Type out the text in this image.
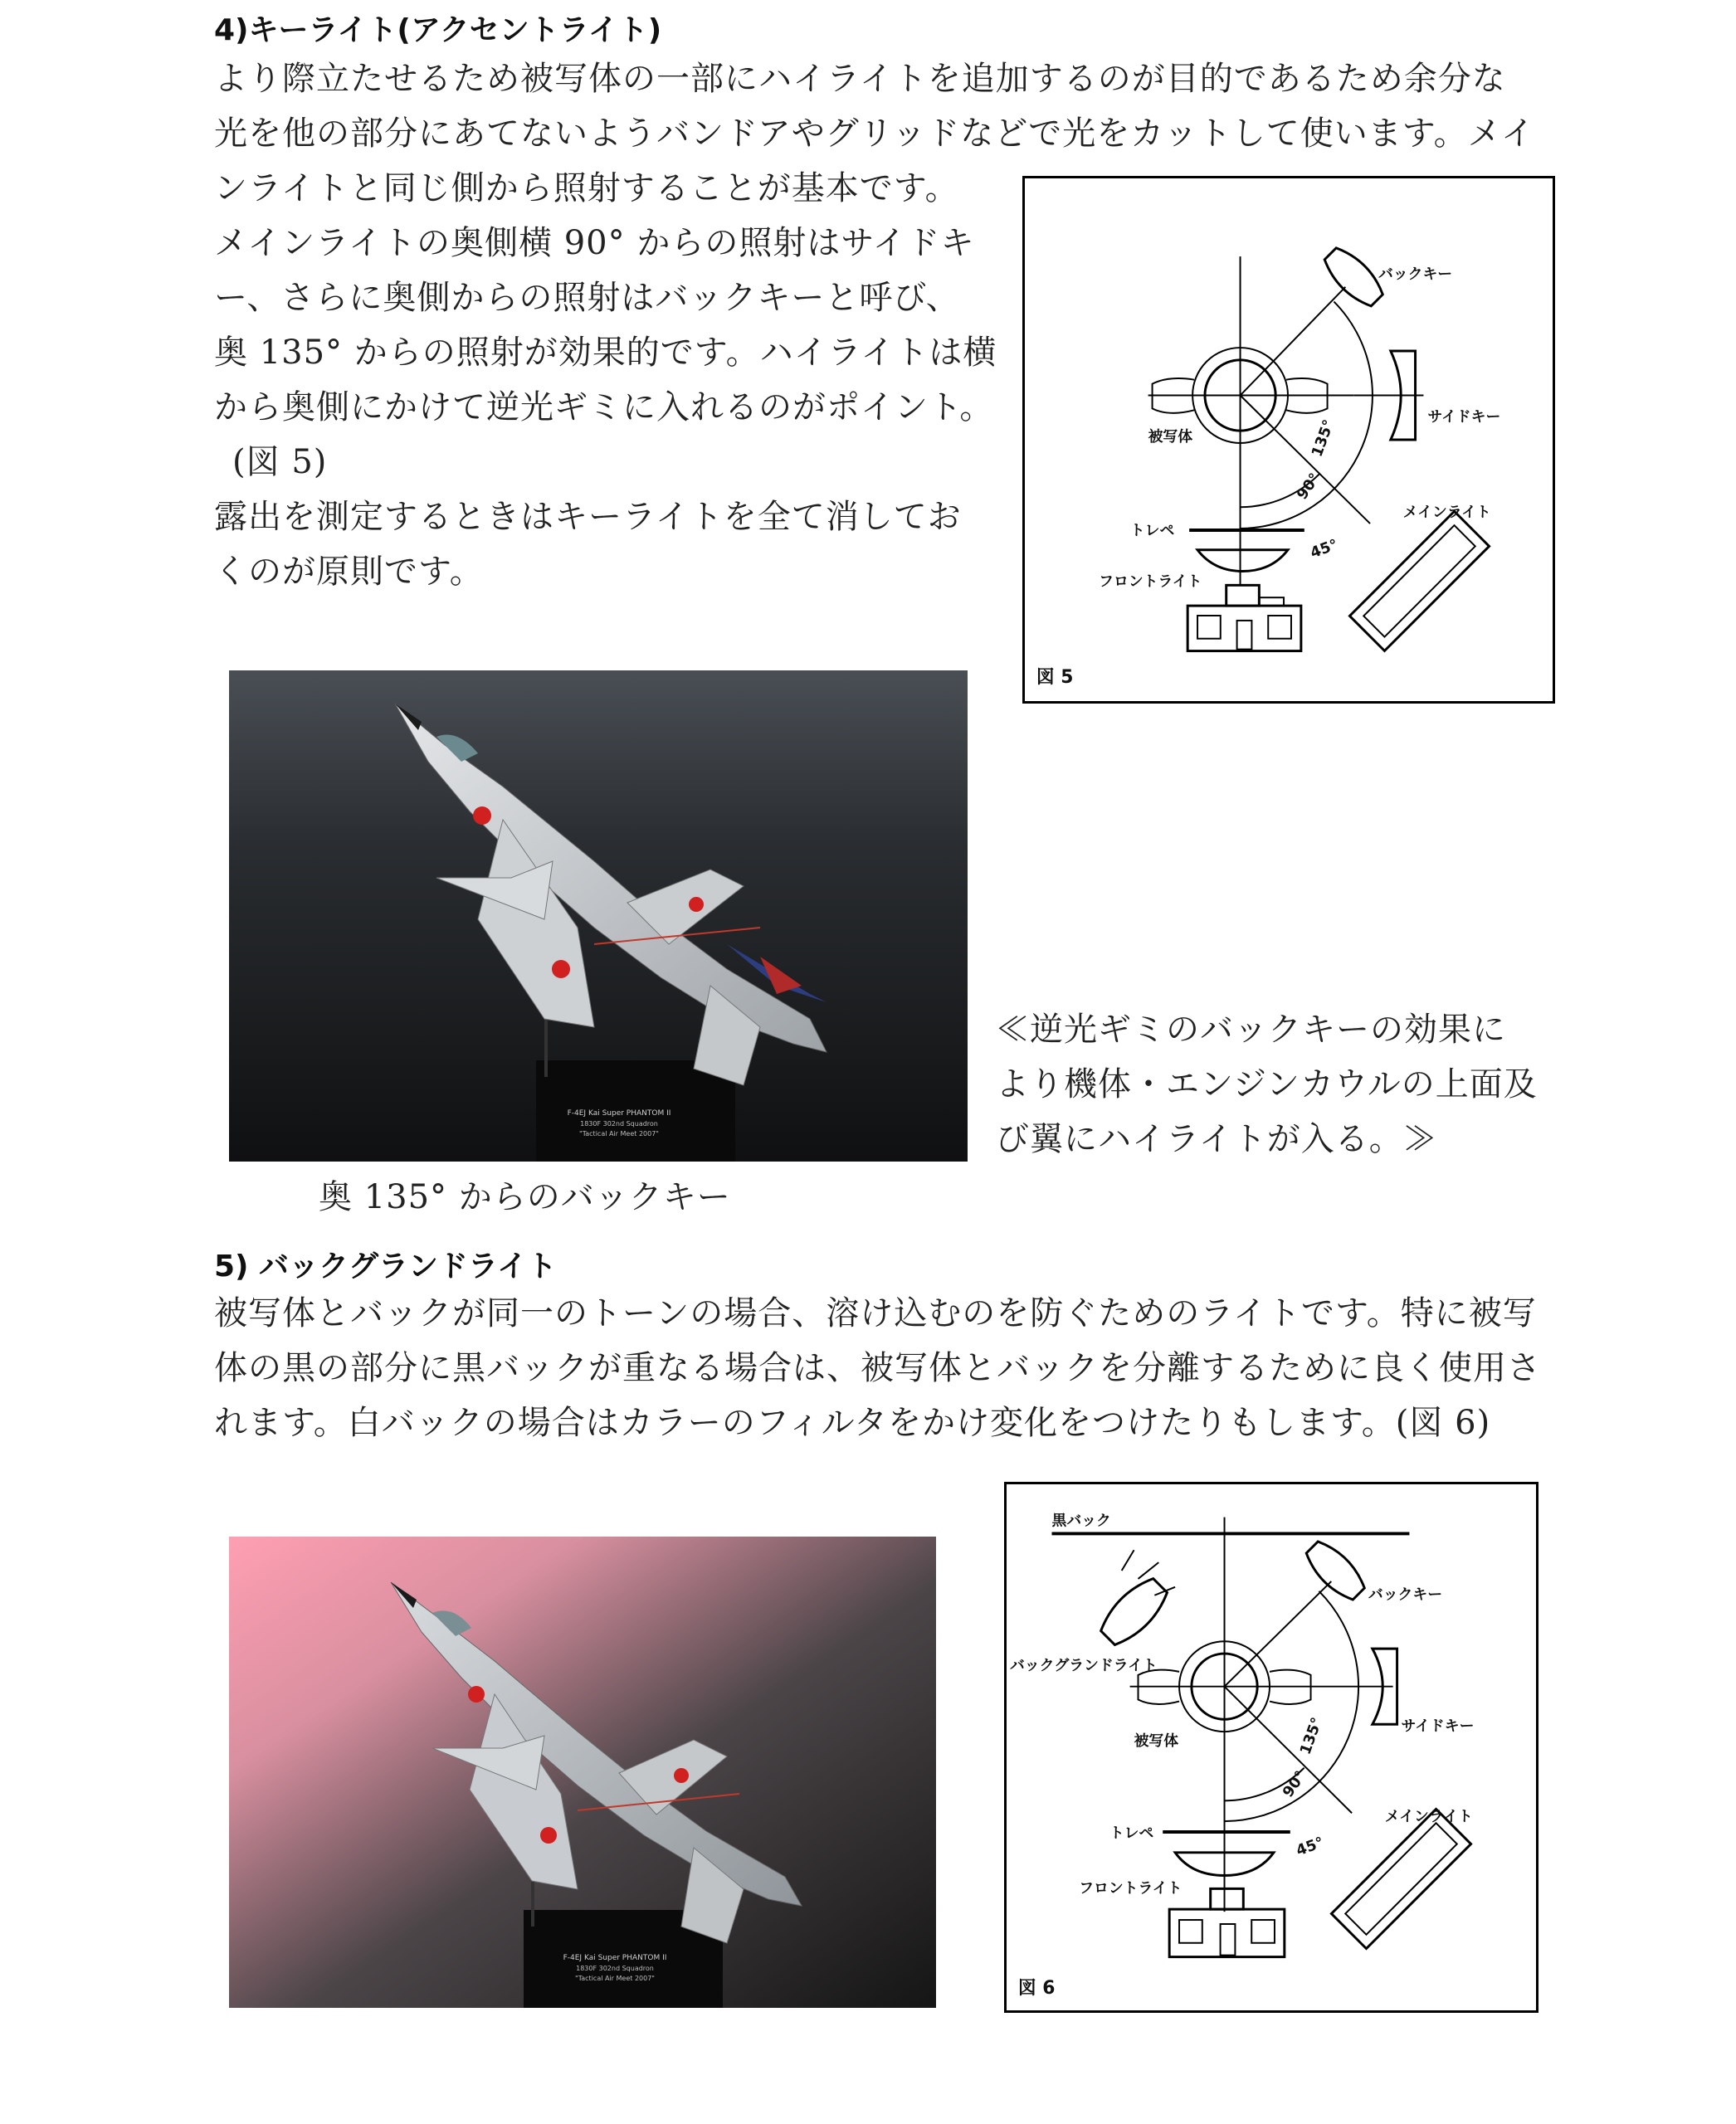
4)キーライト(アクセントライト)
より際立たせるため被写体の一部にハイライトを追加するのが目的であるため余分な
光を他の部分にあてないようバンドアやグリッドなどで光をカットして使います。メイ
ンライトと同じ側から照射することが基本です。
メインライトの奥側横 90° からの照射はサイドキ
ー、さらに奥側からの照射はバックキーと呼び、
奥 135° からの照射が効果的です。ハイライトは横
から奥側にかけて逆光ギミに入れるのがポイント。
(図 5)
露出を測定するときはキーライトを全て消してお
くのが原則です。
バックキー
サイドキー
被写体
メインライト
トレペ
フロントライト
135°
90°
45°
図 5
F-4EJ Kai Super PHANTOM II
1830F 302nd Squadron
"Tactical Air Meet 2007"
奥 135° からのバックキー
≪逆光ギミのバックキーの効果に
より機体・エンジンカウルの上面及
び翼にハイライトが入る。≫
5) バックグランドライト
被写体とバックが同一のトーンの場合、溶け込むのを防ぐためのライトです。特に被写
体の黒の部分に黒バックが重なる場合は、被写体とバックを分離するために良く使用さ
れます。白バックの場合はカラーのフィルタをかけ変化をつけたりもします。(図 6)
F-4EJ Kai Super PHANTOM II
1830F 302nd Squadron
"Tactical Air Meet 2007"
黒バック
バックキー
バックグランドライト
サイドキー
被写体
メインライト
トレペ
フロントライト
135°
90°
45°
図 6
